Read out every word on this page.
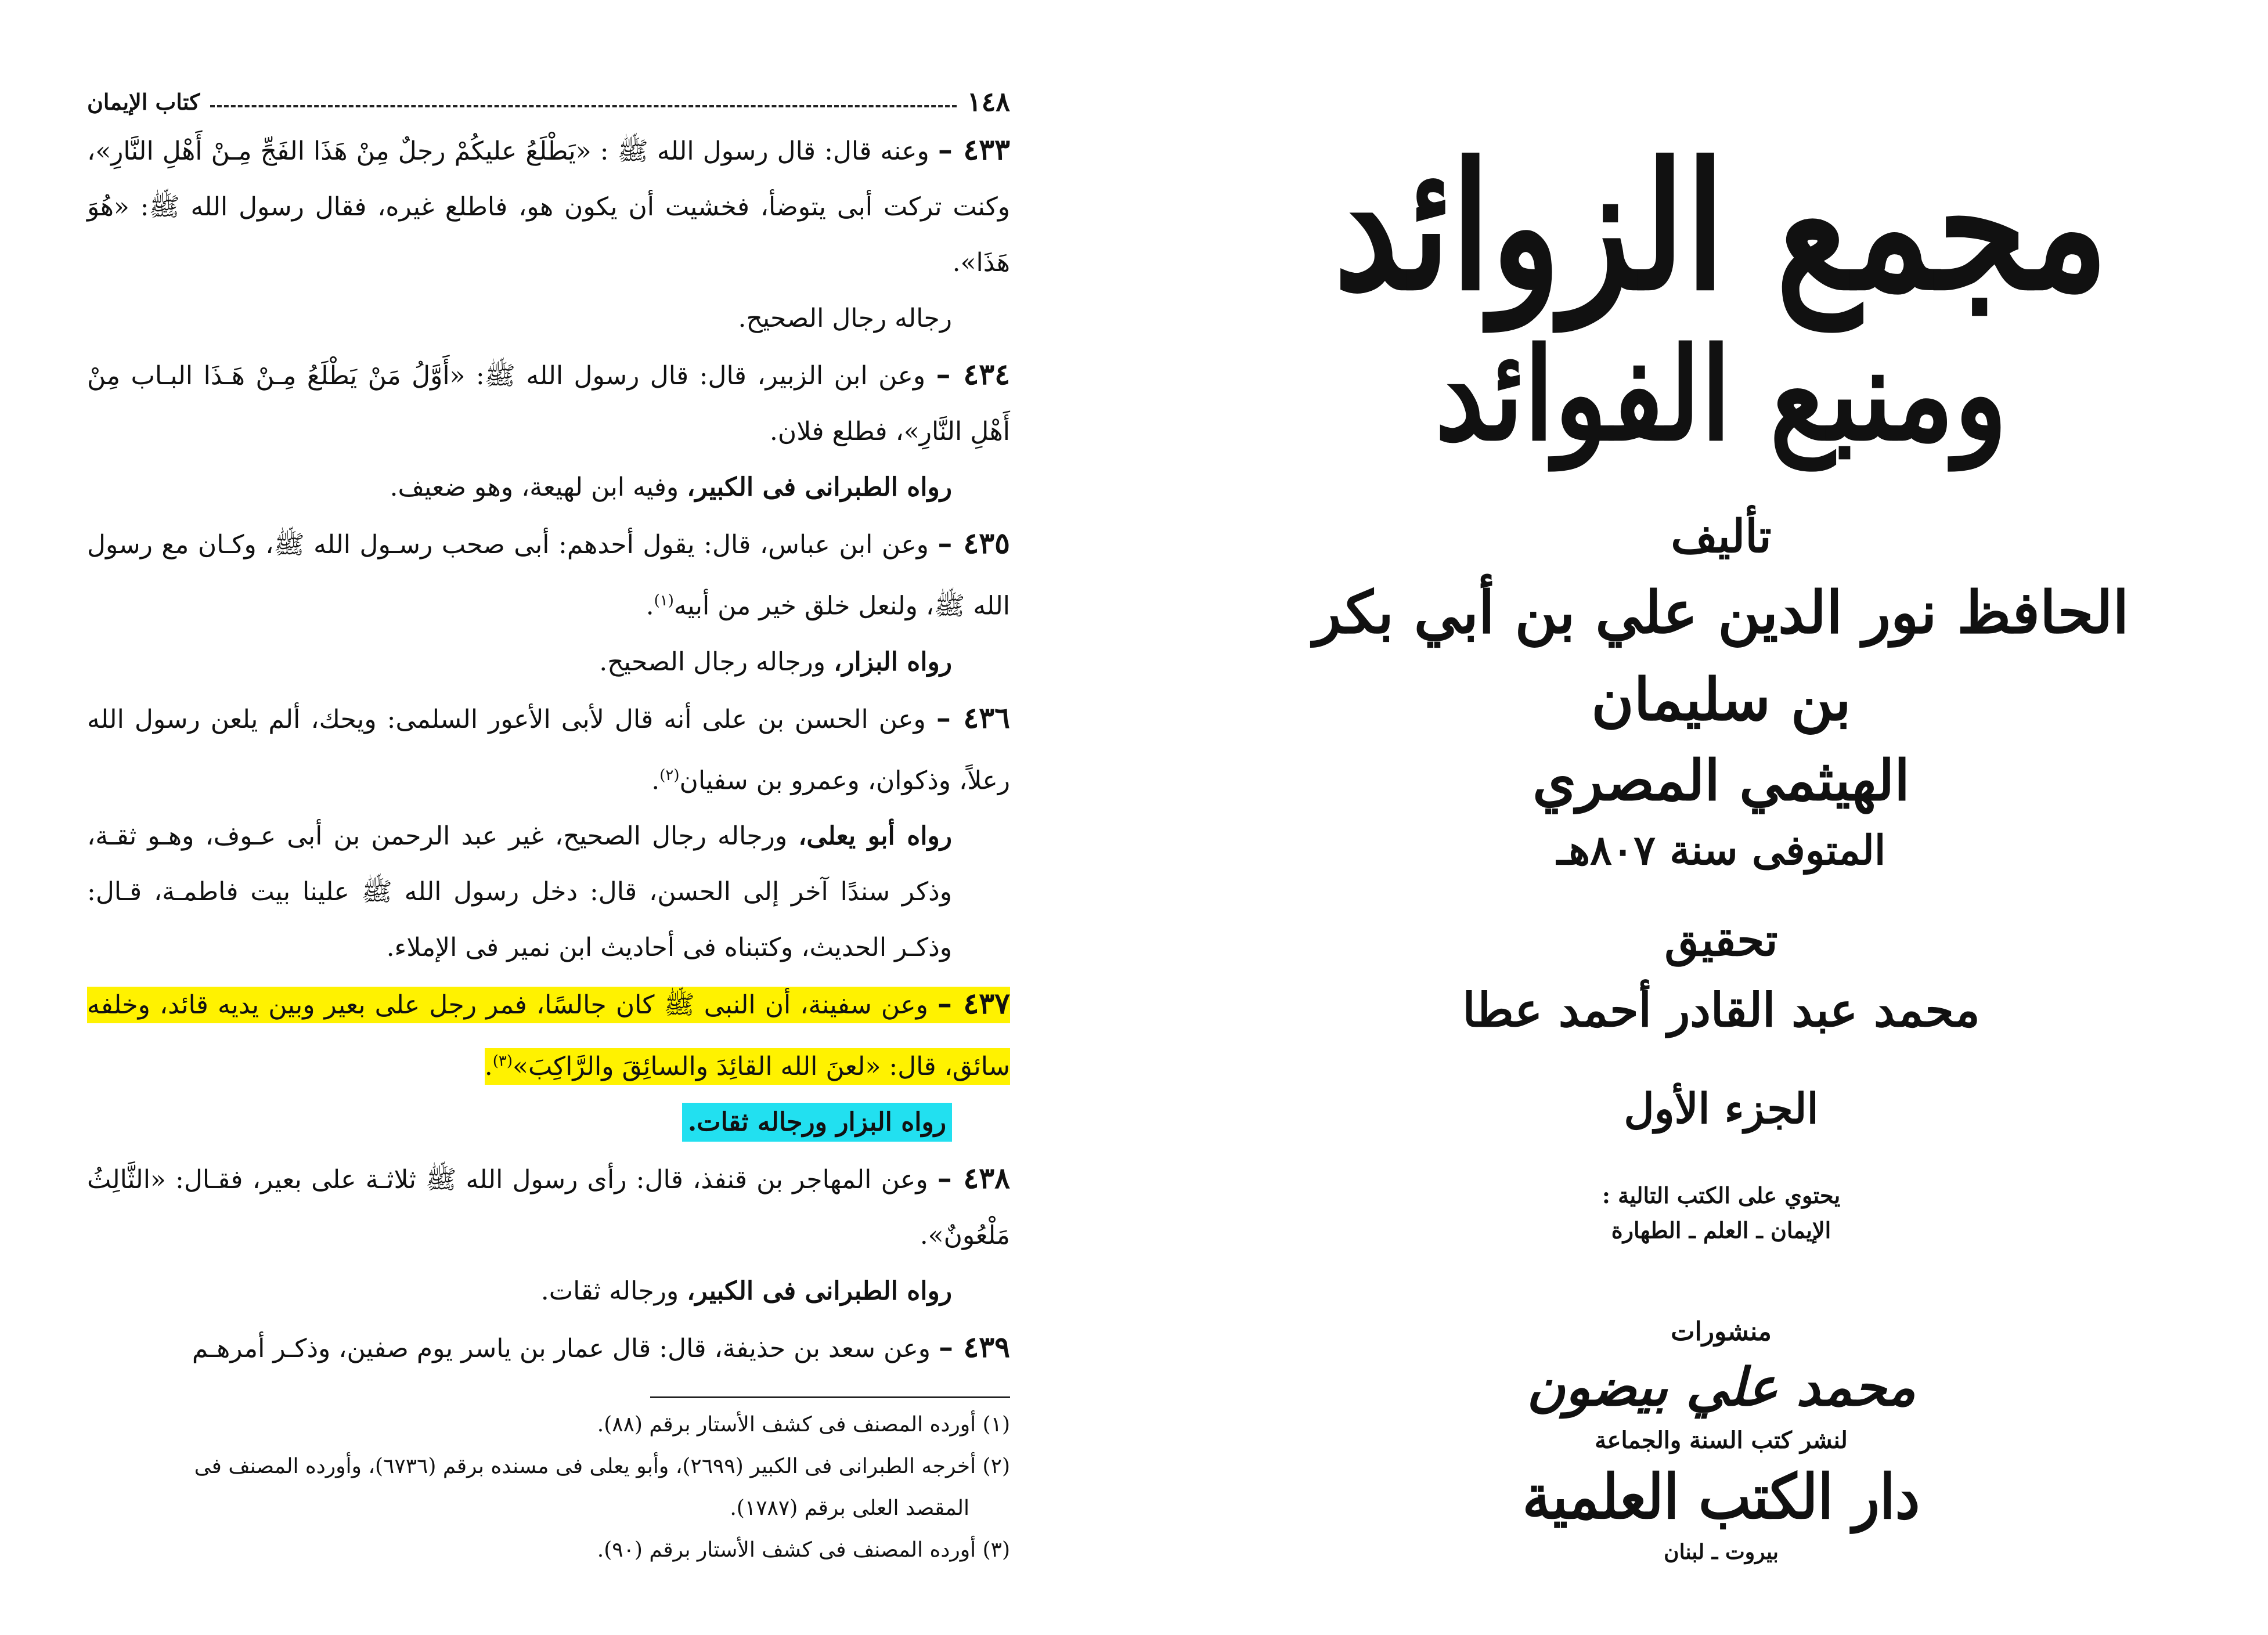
١٤٨
كتاب الإيمان

٤٣٣ – وعنه قال: قال رسول الله ﷺ : «يَطْلَعُ عليكُمْ رجلٌ مِنْ هَذَا الفَجِّ مِـنْ أَهْلِ النَّارِ»، وكنت تركت أبى يتوضأ، فخشيت أن يكون هو، فاطلع غيره، فقال رسول الله ﷺ: «هُوَ هَذَا».

رجاله رجال الصحيح.

٤٣٤ – وعن ابن الزبير، قال: قال رسول الله ﷺ: «أَوَّلُ مَنْ يَطْلَعُ مِـنْ هَـذَا البـاب مِنْ أَهْلِ النَّارِ»، فطلع فلان.

رواه الطبرانى فى الكبير، وفيه ابن لهيعة، وهو ضعيف.

٤٣٥ – وعن ابن عباس، قال: يقول أحدهم: أبى صحب رسـول الله ﷺ، وكـان مع رسول الله ﷺ، ولنعل خلق خير من أبيه$^{(١)}$.

رواه البزار، ورجاله رجال الصحيح.

٤٣٦ – وعن الحسن بن على أنه قال لأبى الأعور السلمى: ويحك، ألم يلعن رسول الله رعلاً، وذكوان، وعمرو بن سفيان$^{(٢)}$.

رواه أبو يعلى، ورجاله رجال الصحيح، غير عبد الرحمن بن أبى عـوف، وهـو ثقـة، وذكر سندًا آخر إلى الحسن، قال: دخل رسول الله ﷺ علينا بيت فاطمـة، قـال: وذكـر الحديث، وكتبناه فى أحاديث ابن نمير فى الإملاء.

٤٣٧ – وعن سفينة، أن النبى ﷺ كان جالسًا، فمر رجل على بعير وبين يديه قائد، وخلفه سائق، قال: «لعنَ الله القائِدَ والسائِقَ والرَّاكِبَ»$^{(٣)}$.

رواه البزار ورجاله ثقات.

٤٣٨ – وعن المهاجر بن قنفذ، قال: رأى رسول الله ﷺ ثلاثـة على بعير، فقـال: «الثَّالِثُ مَلْعُونٌ».

رواه الطبرانى فى الكبير، ورجاله ثقات.

٤٣٩ – وعن سعد بن حذيفة، قال: قال عمار بن ياسر يوم صفين، وذكـر أمرهـم

(١) أورده المصنف فى كشف الأستار برقم (٨٨).

(٢) أخرجه الطبرانى فى الكبير (٢٦٩٩)، وأبو يعلى فى مسنده برقم (٦٧٣٦)، وأورده المصنف فى

المقصد العلى برقم (١٧٨٧).

(٣) أورده المصنف فى كشف الأستار برقم (٩٠).

مجمع الزوائد
ومنبع الفوائد
تأليف
الحافظ نور الدين علي بن أبي بكر بن سليمان
الهيثمي المصري
المتوفى سنة ٨٠٧هـ
تحقيق
محمد عبد القادر أحمد عطا
الجزء الأول
يحتوي على الكتب التالية :
الإيمان ـ العلم ـ الطهارة
منشورات
محمد علي بيضون
لنشر كتب السنة والجماعة
دار الكتب العلمية
بيروت ـ لبنان
